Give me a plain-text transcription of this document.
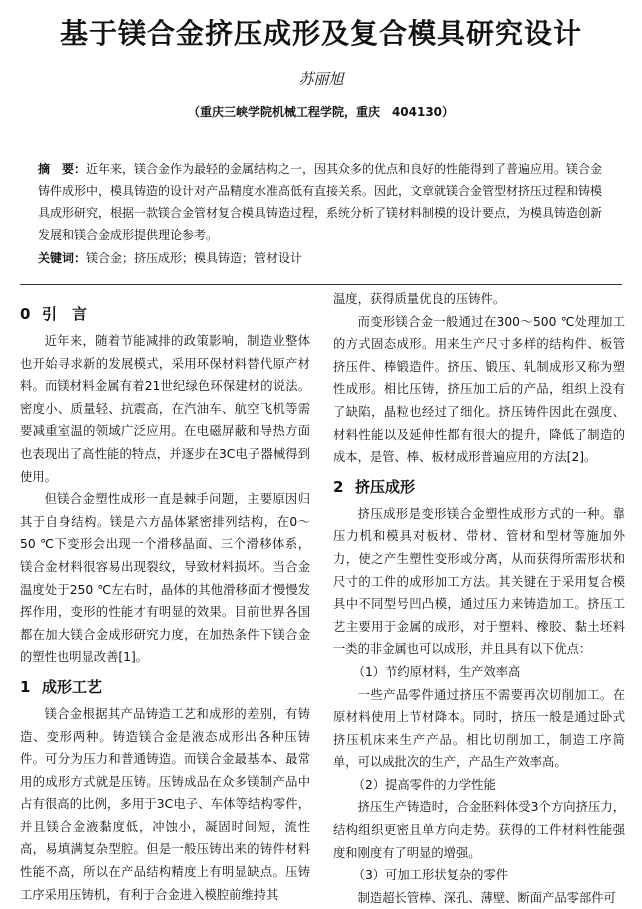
基于镁合金挤压成形及复合模具研究设计
苏丽旭
（重庆三峡学院机械工程学院，重庆　404130）
摘　要：近年来，镁合金作为最轻的金属结构之一，因其众多的优点和良好的性能得到了普遍应用。镁合金铸件成形中，模具铸造的设计对产品精度水准高低有直接关系。因此，文章就镁合金管型材挤压过程和铸模具成形研究，根据一款镁合金管材复合模具铸造过程，系统分析了镁材料制模的设计要点，为模具铸造创新发展和镁合金成形提供理论参考。
关键词：镁合金；挤压成形；模具铸造；管材设计
0 引　言

近年来，随着节能减排的政策影响，制造业整体也开始寻求新的发展模式，采用环保材料替代原产材料。而镁材料金属有着21世纪绿色环保建材的说法。密度小、质量轻、抗震高，在汽油车、航空飞机等需要减重室温的领域广泛应用。在电磁屏蔽和导热方面也表现出了高性能的特点，并逐步在3C电子器械得到使用。

但镁合金塑性成形一直是棘手问题，主要原因归其于自身结构。镁是六方晶体紧密排列结构，在0～50 ℃下变形会出现一个滑移晶面、三个滑移体系，镁合金材料很容易出现裂纹，导致材料损坏。当合金温度处于250 ℃左右时，晶体的其他滑移面才慢慢发挥作用，变形的性能才有明显的效果。目前世界各国都在加大镁合金成形研究力度，在加热条件下镁合金的塑性也明显改善[1]。

1 成形工艺

镁合金根据其产品铸造工艺和成形的差别，有铸造、变形两种。铸造镁合金是液态成形出各种压铸件。可分为压力和普通铸造。而镁合金最基本、最常用的成形方式就是压铸。压铸成品在众多镁制产品中占有很高的比例，多用于3C电子、车体等结构零件，并且镁合金液黏度低，冲蚀小，凝固时间短，流性高，易填满复杂型腔。但是一般压铸出来的铸件材料性能不高，所以在产品结构精度上有明显缺点。压铸工序采用压铸机，有利于合金进入模腔前维持其

温度，获得质量优良的压铸件。

而变形镁合金一般通过在300～500 ℃处理加工的方式固态成形。用来生产尺寸多样的结构件、板管挤压件、棒锻造件。挤压、锻压、轧制成形又称为塑性成形。相比压铸，挤压加工后的产品，组织上没有了缺陷，晶粒也经过了细化。挤压铸件因此在强度、材料性能以及延伸性都有很大的提升，降低了制造的成本，是管、棒、板材成形普遍应用的方法[2]。

2 挤压成形

挤压成形是变形镁合金塑性成形方式的一种。靠压力机和模具对板材、带材、管材和型材等施加外力，使之产生塑性变形或分离，从而获得所需形状和尺寸的工件的成形加工方法。其关键在于采用复合模具中不同型号凹凸模，通过压力来铸造加工。挤压工艺主要用于金属的成形，对于塑料、橡胶、黏土坯料一类的非金属也可以成形，并且具有以下优点：

（1）节约原材料，生产效率高

一些产品零件通过挤压不需要再次切削加工。在原材料使用上节材降本。同时，挤压一般是通过卧式挤压机床来生产产品。相比切削加工，制造工序简单，可以成批次的生产，产品生产效率高。

（2）提高零件的力学性能

挤压生产铸造时，合金胚料体受3个方向挤压力，结构组织更密且单方向走势。获得的工件材料性能强度和刚度有了明显的增强。

（3）可加工形状复杂的零件

制造超长管棒、深孔、薄壁、断面产品零部件可
